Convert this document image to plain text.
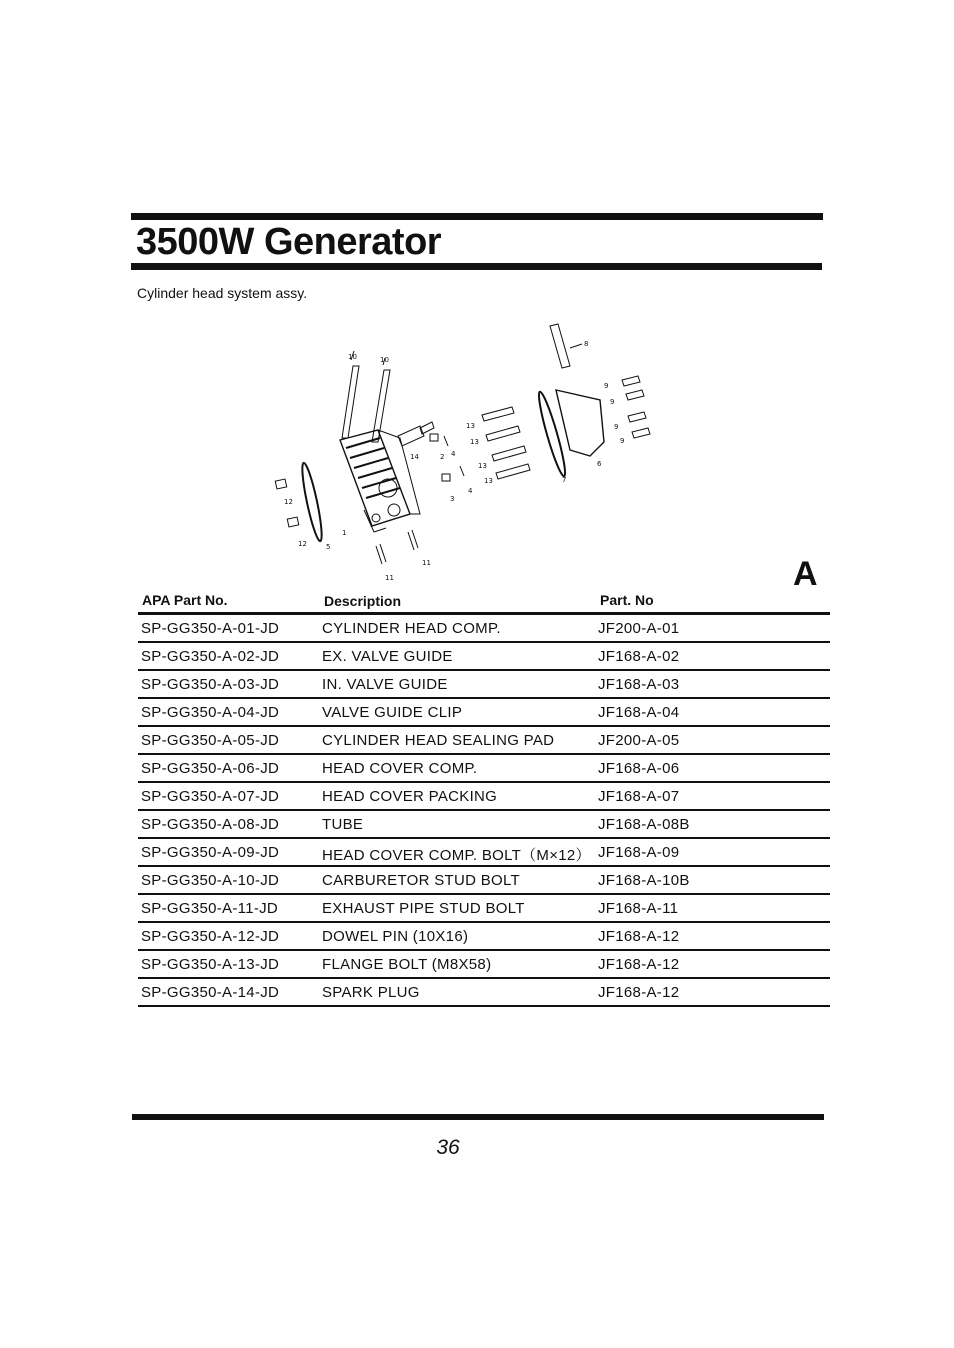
3500W Generator
Cylinder head system assy.
10	10
8
9
9
9
9
13
13
13
13
14	2 4
3
4
7
6
12
12	5
1
11
11	A
APA Part No.	Description	Part. No
SP-GG350-A-01-JD	CYLINDER HEAD COMP.	JF200-A-01
SP-GG350-A-02-JD	EX. VALVE GUIDE	JF168-A-02
SP-GG350-A-03-JD	IN. VALVE GUIDE	JF168-A-03
SP-GG350-A-04-JD	VALVE GUIDE CLIP	JF168-A-04
SP-GG350-A-05-JD	CYLINDER HEAD SEALING PAD	JF200-A-05
SP-GG350-A-06-JD	HEAD COVER COMP.	JF168-A-06
SP-GG350-A-07-JD	HEAD COVER PACKING	JF168-A-07
SP-GG350-A-08-JD	TUBE	JF168-A-08B
SP-GG350-A-09-JD	HEAD COVER COMP. BOLT（M×12） JF168-A-09
SP-GG350-A-10-JD	CARBURETOR STUD BOLT	JF168-A-10B
SP-GG350-A-11-JD	EXHAUST PIPE STUD BOLT	JF168-A-11
SP-GG350-A-12-JD	DOWEL PIN (10X16)	JF168-A-12
SP-GG350-A-13-JD	FLANGE BOLT (M8X58)	JF168-A-12
SP-GG350-A-14-JD	SPARK PLUG	JF168-A-12
36
